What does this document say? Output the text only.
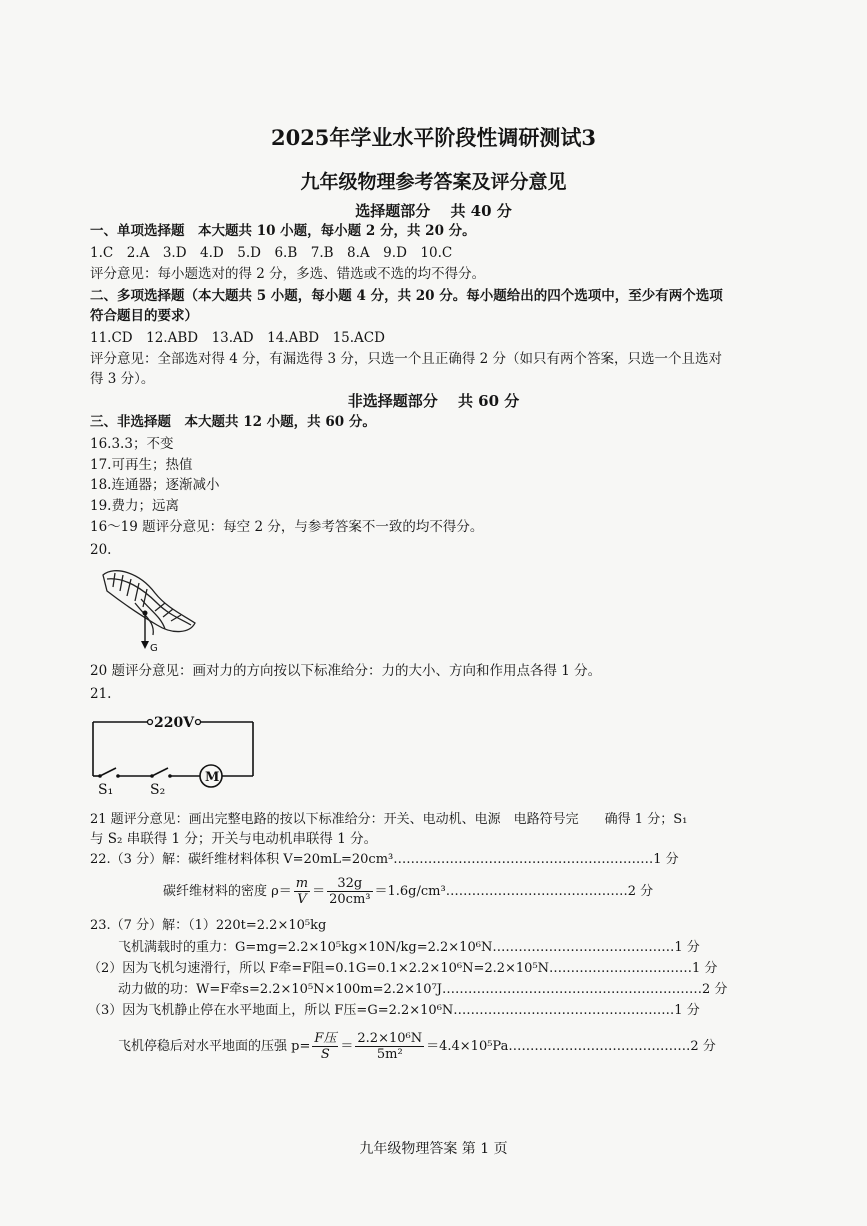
2025年学业水平阶段性调研测试3
九年级物理参考答案及评分意见
选择题部分　 共 40 分
一、单项选择题　本大题共 10 小题，每小题 2 分，共 20 分。
1.C　2.A　3.D　4.D　5.D　6.B　7.B　8.A　9.D　10.C
评分意见：每小题选对的得 2 分，多选、错选或不选的均不得分。
二、多项选择题（本大题共 5 小题，每小题 4 分，共 20 分。每小题给出的四个选项中，至少有两个选项
符合题目的要求）
11.CD　12.ABD　13.AD　14.ABD　15.ACD
评分意见：全部选对得 4 分，有漏选得 3 分，只选一个且正确得 2 分（如只有两个答案，只选一个且选对
得 3 分）。
非选择题部分　 共 60 分
三、非选择题　本大题共 12 小题，共 60 分。
16.3.3；不变
17.可再生；热值
18.连通器；逐渐减小
19.费力；远离
16～19 题评分意见：每空 2 分，与参考答案不一致的均不得分。
20.
G
20 题评分意见：画对力的方向按以下标准给分：力的大小、方向和作用点各得 1 分。
21.
220V
M
S₁	S₂
21 题评分意见：画出完整电路的按以下标准给分：开关、电动机、电源　电路符号完　　确得 1 分；S₁
与 S₂ 串联得 1 分；开关与电动机串联得 1 分。
22.（3 分）解：碳纤维材料体积 V=20mL=20cm³……………………………………………………1 分
碳纤维材料的密度 $\rho= \frac{m}{V} = \frac{32g}{\text{20cm³}}$ ＝1.6g/cm³……………………………………2 分
23.（7 分）解：（1）220t=2.2×10⁵kg
飞机满载时的重力：G=mg=2.2×10⁵kg×10N/kg=2.2×10⁶N……………………………………1 分
（2）因为飞机匀速滑行，所以 F牵=F阻=0.1G=0.1×2.2×10⁶N=2.2×10⁵N……………………………1 分
动力做的功：W=F牵s=2.2×10⁵N×100m=2.2×10⁷J……………………………………………………2 分
（3）因为飞机静止停在水平地面上，所以 F压=G=2.2×10⁶N……………………………………………1 分
飞机停稳后对水平地面的压强 p=
F压
S
＝ $\frac{\text{2.2×10⁶N}}{\text{5m²}}$ ＝4.4×10⁵Pa……………………………………2 分
九年级物理答案 第 1 页
